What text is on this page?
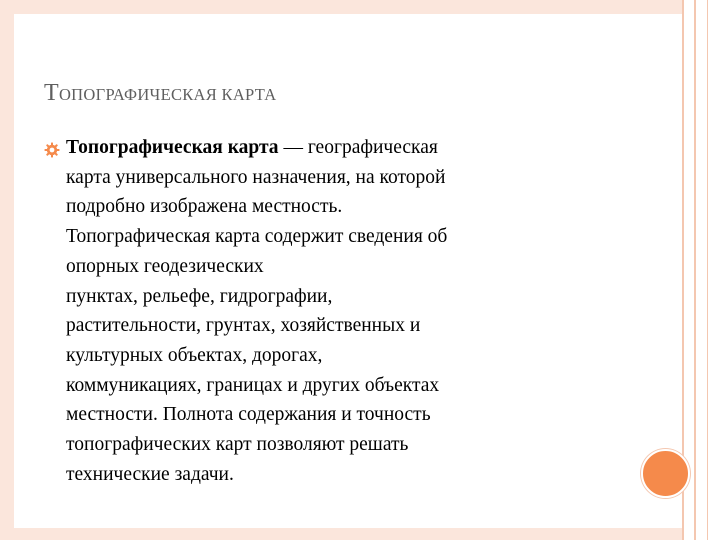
ТОПОГРАФИЧЕСКАЯ КАРТА
Топографическая карта — географическая
карта универсального назначения, на которой
подробно изображена местность.
Топографическая карта содержит сведения об
опорных геодезических
пунктах, рельефе, гидрографии,
растительности, грунтах, хозяйственных и
культурных объектах, дорогах,
коммуникациях, границах и других объектах
местности. Полнота содержания и точность
топографических карт позволяют решать
технические задачи.
